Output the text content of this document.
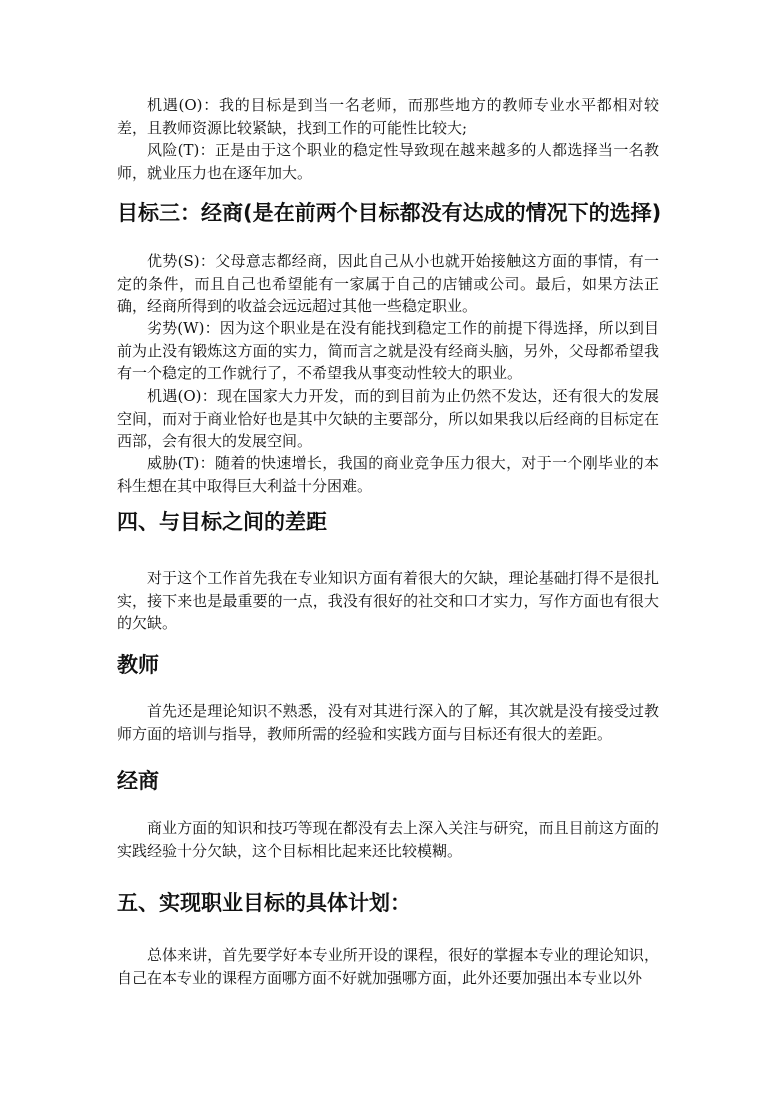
机遇(O)：我的目标是到当一名老师，而那些地方的教师专业水平都相对较差，且教师资源比较紧缺，找到工作的可能性比较大;

风险(T)：正是由于这个职业的稳定性导致现在越来越多的人都选择当一名教师，就业压力也在逐年加大。

目标三：经商(是在前两个目标都没有达成的情况下的选择)

优势(S)：父母意志都经商，因此自己从小也就开始接触这方面的事情，有一定的条件，而且自己也希望能有一家属于自己的店铺或公司。最后，如果方法正确，经商所得到的收益会远远超过其他一些稳定职业。

劣势(W)：因为这个职业是在没有能找到稳定工作的前提下得选择，所以到目前为止没有锻炼这方面的实力，简而言之就是没有经商头脑，另外，父母都希望我有一个稳定的工作就行了，不希望我从事变动性较大的职业。

机遇(O)：现在国家大力开发，而的到目前为止仍然不发达，还有很大的发展空间，而对于商业恰好也是其中欠缺的主要部分，所以如果我以后经商的目标定在西部，会有很大的发展空间。

威胁(T)：随着的快速增长，我国的商业竞争压力很大，对于一个刚毕业的本科生想在其中取得巨大利益十分困难。

四、与目标之间的差距

对于这个工作首先我在专业知识方面有着很大的欠缺，理论基础打得不是很扎实，接下来也是最重要的一点，我没有很好的社交和口才实力，写作方面也有很大的欠缺。

教师

首先还是理论知识不熟悉，没有对其进行深入的了解，其次就是没有接受过教师方面的培训与指导，教师所需的经验和实践方面与目标还有很大的差距。

经商

商业方面的知识和技巧等现在都没有去上深入关注与研究，而且目前这方面的实践经验十分欠缺，这个目标相比起来还比较模糊。

五、实现职业目标的具体计划：

总体来讲，首先要学好本专业所开设的课程，很好的掌握本专业的理论知识，自己在本专业的课程方面哪方面不好就加强哪方面，此外还要加强出本专业以外
